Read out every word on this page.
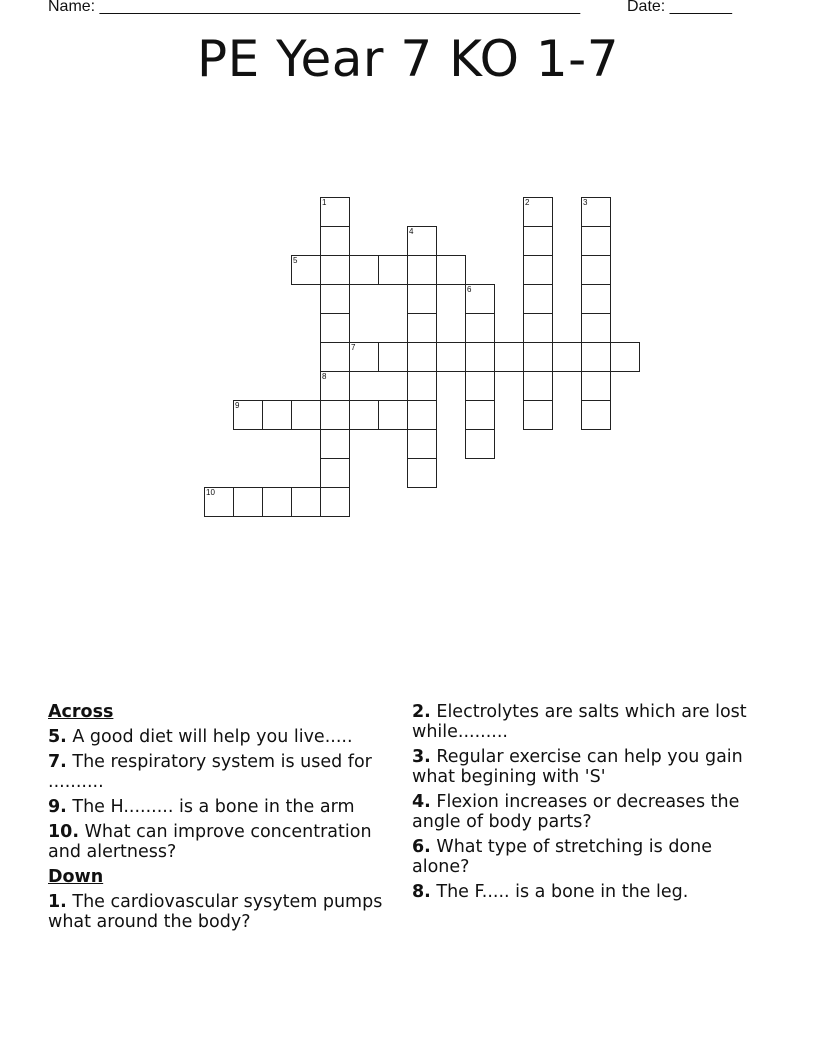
Name: ______________________________________________________	Date: _______
PE Year 7 KO 1-7
1
8
4
5
6
7
9
10
2	3
Across
5. A good diet will help you live.....
7. The respiratory system is used for ..........
9. The H......... is a bone in the arm
10. What can improve concentration and alertness?
Down
1. The cardiovascular sysytem pumps what around the body?
2. Electrolytes are salts which are lost while.........
3. Regular exercise can help you gain what begining with 'S'
4. Flexion increases or decreases the angle of body parts?
6. What type of stretching is done alone?
8. The F..... is a bone in the leg.
